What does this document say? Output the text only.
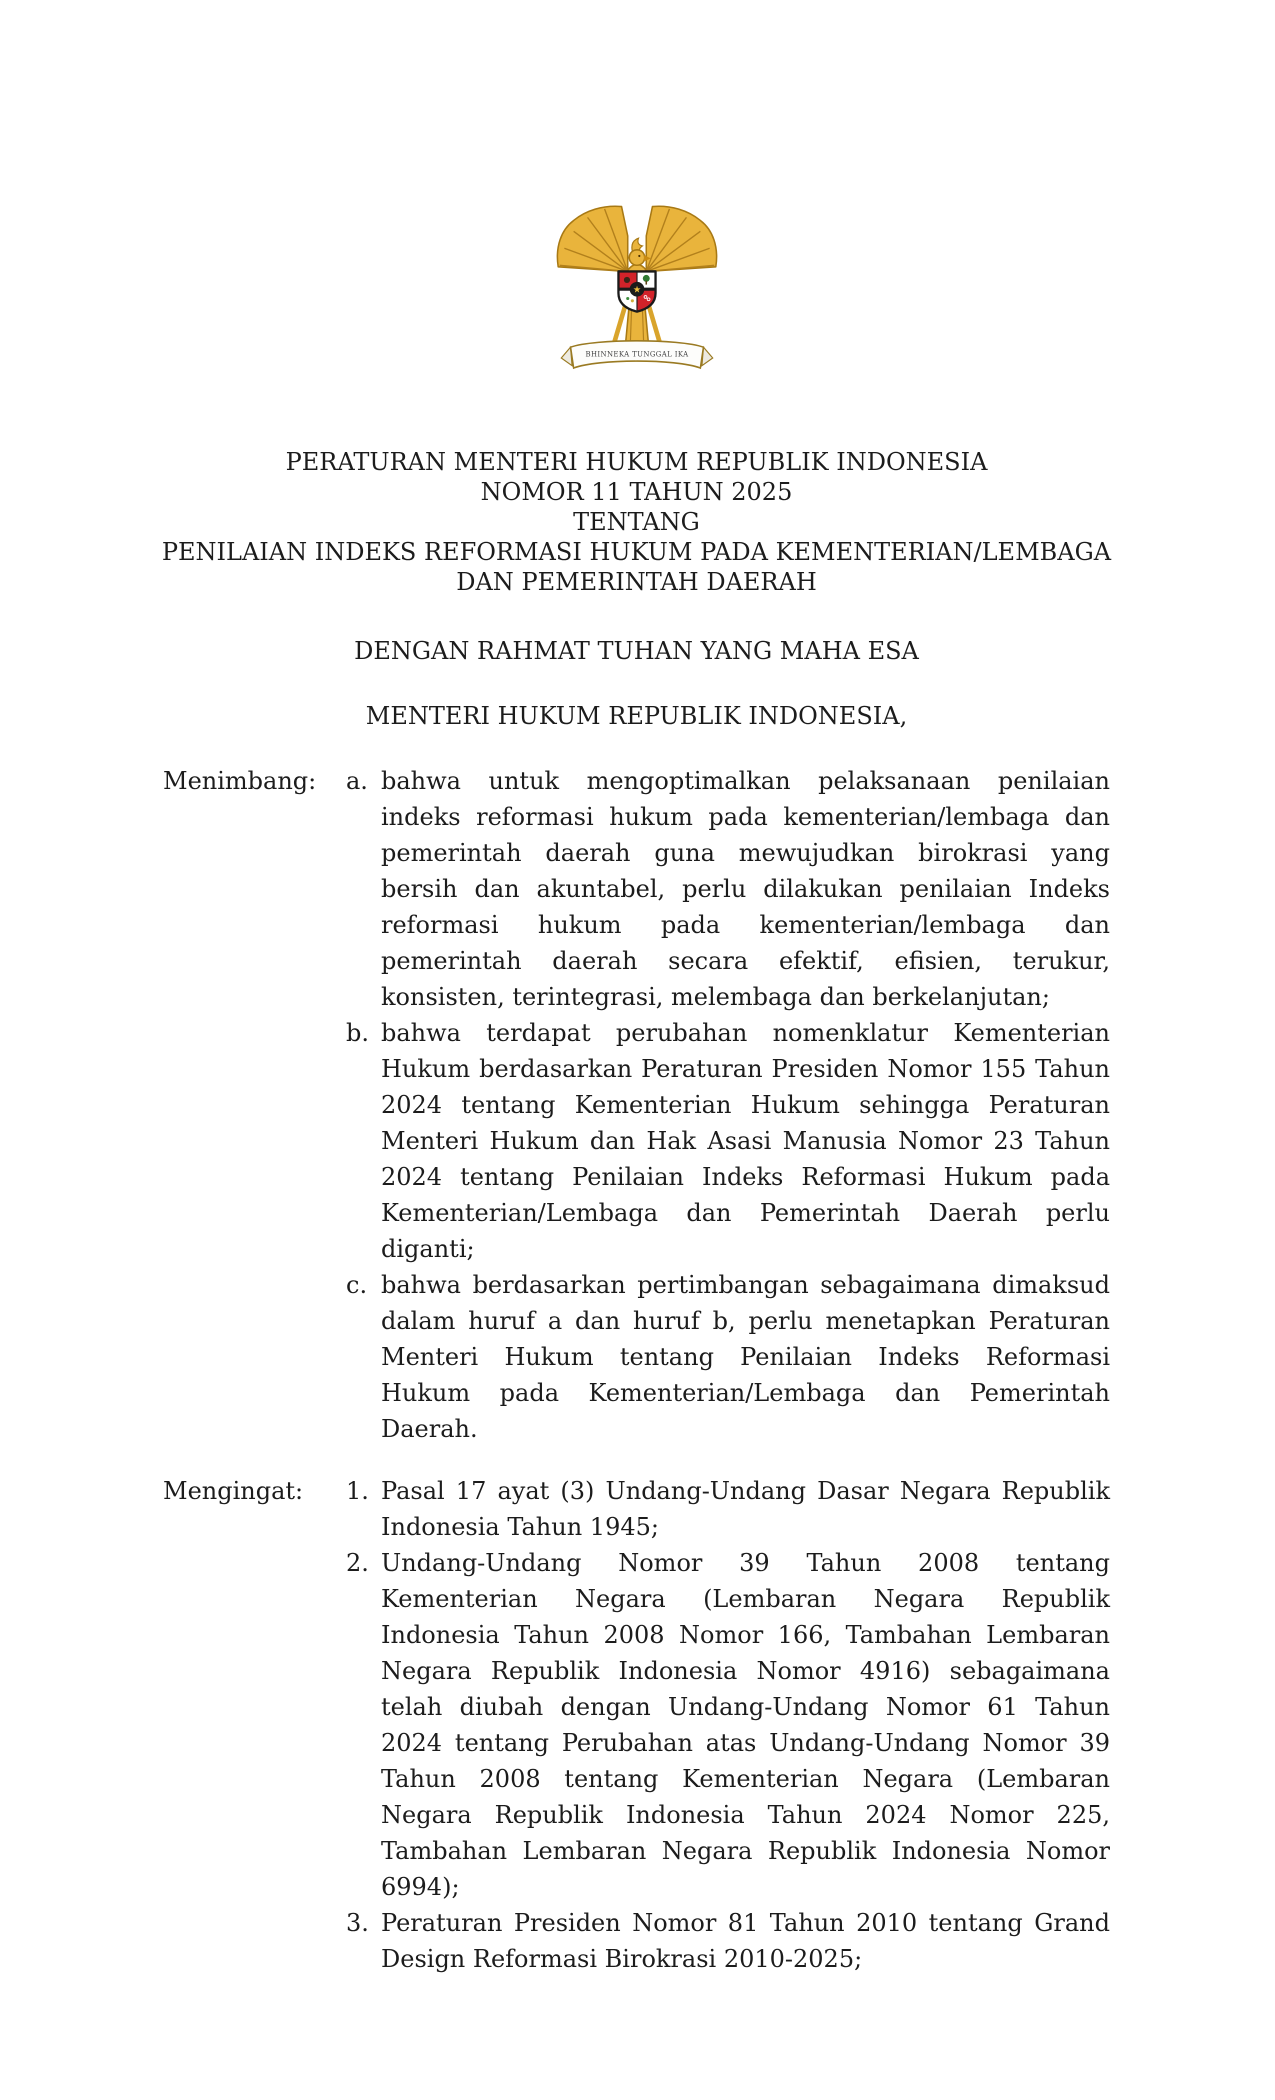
BHINNEKA TUNGGAL IKA
★
PERATURAN MENTERI HUKUM REPUBLIK INDONESIA
NOMOR 11 TAHUN 2025
TENTANG
PENILAIAN INDEKS REFORMASI HUKUM PADA KEMENTERIAN/LEMBAGA
DAN PEMERINTAH DAERAH
DENGAN RAHMAT TUHAN YANG MAHA ESA
MENTERI HUKUM REPUBLIK INDONESIA,
Menimbang:	a. bahwa untuk mengoptimalkan pelaksanaan penilaian indeks reformasi hukum pada kementerian/lembaga dan pemerintah daerah guna mewujudkan birokrasi yang bersih dan akuntabel, perlu dilakukan penilaian Indeks reformasi hukum pada kementerian/lembaga dan pemerintah daerah secara efektif, efisien, terukur, konsisten, terintegrasi, melembaga dan berkelanjutan;
b. bahwa terdapat perubahan nomenklatur Kementerian Hukum berdasarkan Peraturan Presiden Nomor 155 Tahun 2024 tentang Kementerian Hukum sehingga Peraturan Menteri Hukum dan Hak Asasi Manusia Nomor 23 Tahun 2024 tentang Penilaian Indeks Reformasi Hukum pada Kementerian/Lembaga dan Pemerintah Daerah perlu diganti;
c. bahwa berdasarkan pertimbangan sebagaimana dimaksud dalam huruf a dan huruf b, perlu menetapkan Peraturan Menteri Hukum tentang Penilaian Indeks Reformasi Hukum pada Kementerian/Lembaga dan Pemerintah Daerah.
Mengingat:	1. Pasal 17 ayat (3) Undang-Undang Dasar Negara Republik Indonesia Tahun 1945;
2. Undang-Undang Nomor 39 Tahun 2008 tentang Kementerian Negara (Lembaran Negara Republik Indonesia Tahun 2008 Nomor 166, Tambahan Lembaran Negara Republik Indonesia Nomor 4916) sebagaimana telah diubah dengan Undang-Undang Nomor 61 Tahun 2024 tentang Perubahan atas Undang-Undang Nomor 39 Tahun 2008 tentang Kementerian Negara (Lembaran Negara Republik Indonesia Tahun 2024 Nomor 225, Tambahan Lembaran Negara Republik Indonesia Nomor 6994);
3. Peraturan Presiden Nomor 81 Tahun 2010 tentang Grand Design Reformasi Birokrasi 2010-2025;
